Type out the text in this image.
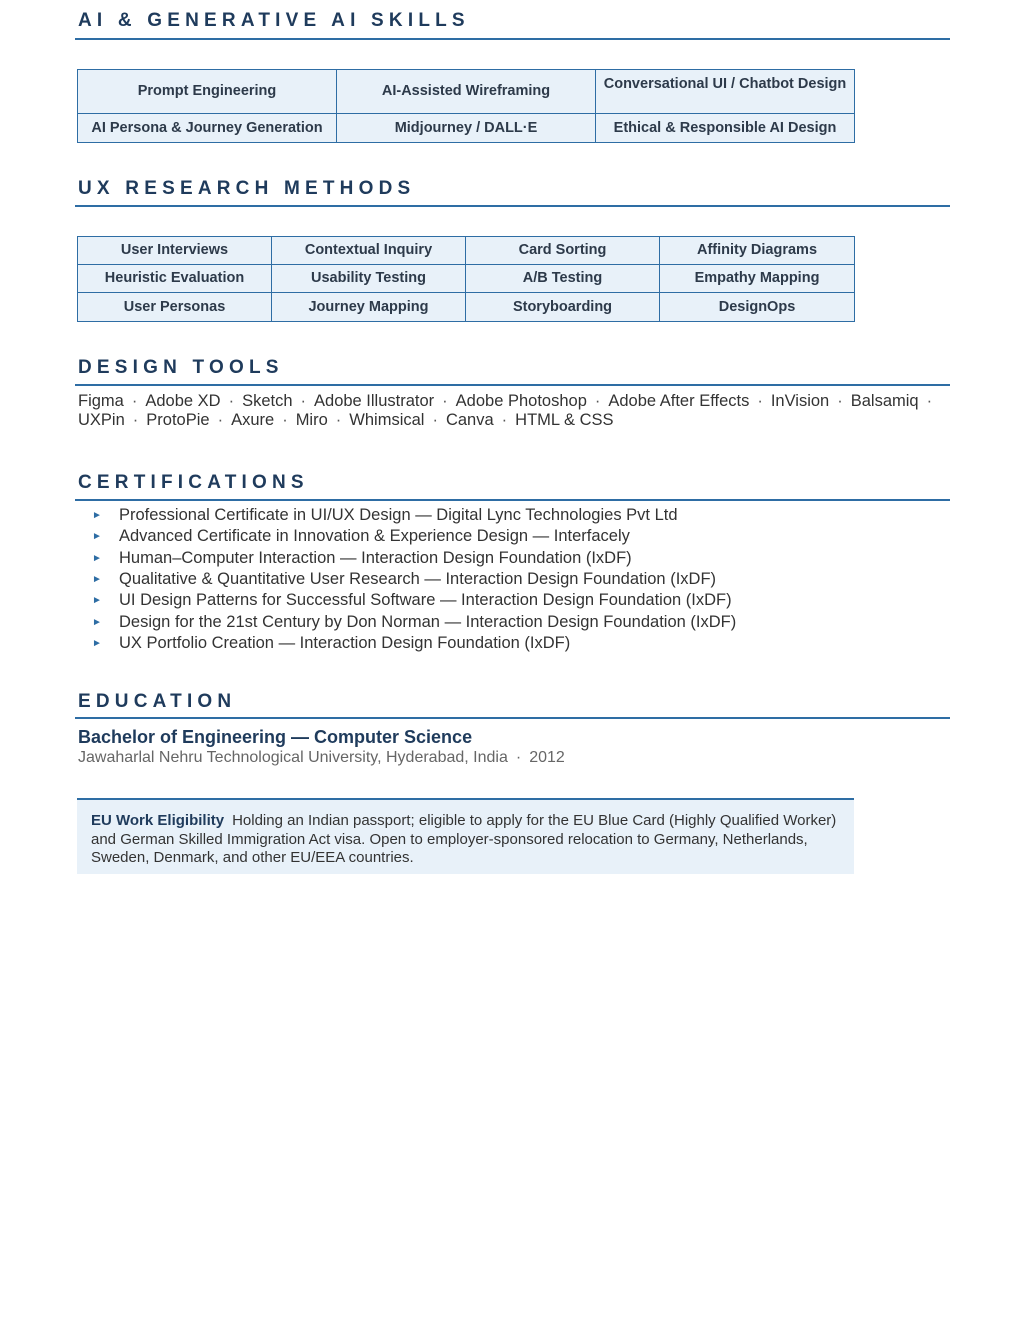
AI & GENERATIVE AI SKILLS
Prompt Engineering	AI-Assisted Wireframing	Conversational UI / Chatbot Design
AI Persona & Journey Generation	Midjourney / DALL·E	Ethical & Responsible AI Design
UX RESEARCH METHODS
User Interviews	Contextual Inquiry	Card Sorting	Affinity Diagrams
Heuristic Evaluation	Usability Testing	A/B Testing	Empathy Mapping
User Personas	Journey Mapping	Storyboarding	DesignOps
DESIGN TOOLS
Figma · Adobe XD · Sketch · Adobe Illustrator · Adobe Photoshop · Adobe After Effects · InVision · Balsamiq ·
UXPin · ProtoPie · Axure · Miro · Whimsical · Canva · HTML & CSS
CERTIFICATIONS
►	Professional Certificate in UI/UX Design — Digital Lync Technologies Pvt Ltd
►	Advanced Certificate in Innovation & Experience Design — Interfacely
►	Human–Computer Interaction — Interaction Design Foundation (IxDF)
►	Qualitative & Quantitative User Research — Interaction Design Foundation (IxDF)
►	UI Design Patterns for Successful Software — Interaction Design Foundation (IxDF)
►	Design for the 21st Century by Don Norman — Interaction Design Foundation (IxDF)
►	UX Portfolio Creation — Interaction Design Foundation (IxDF)
EDUCATION
Bachelor of Engineering — Computer Science
Jawaharlal Nehru Technological University, Hyderabad, India · 2012
EU Work Eligibility Holding an Indian passport; eligible to apply for the EU Blue Card (Highly Qualified Worker) and German Skilled Immigration Act visa. Open to employer-sponsored relocation to Germany, Netherlands, Sweden, Denmark, and other EU/EEA countries.
